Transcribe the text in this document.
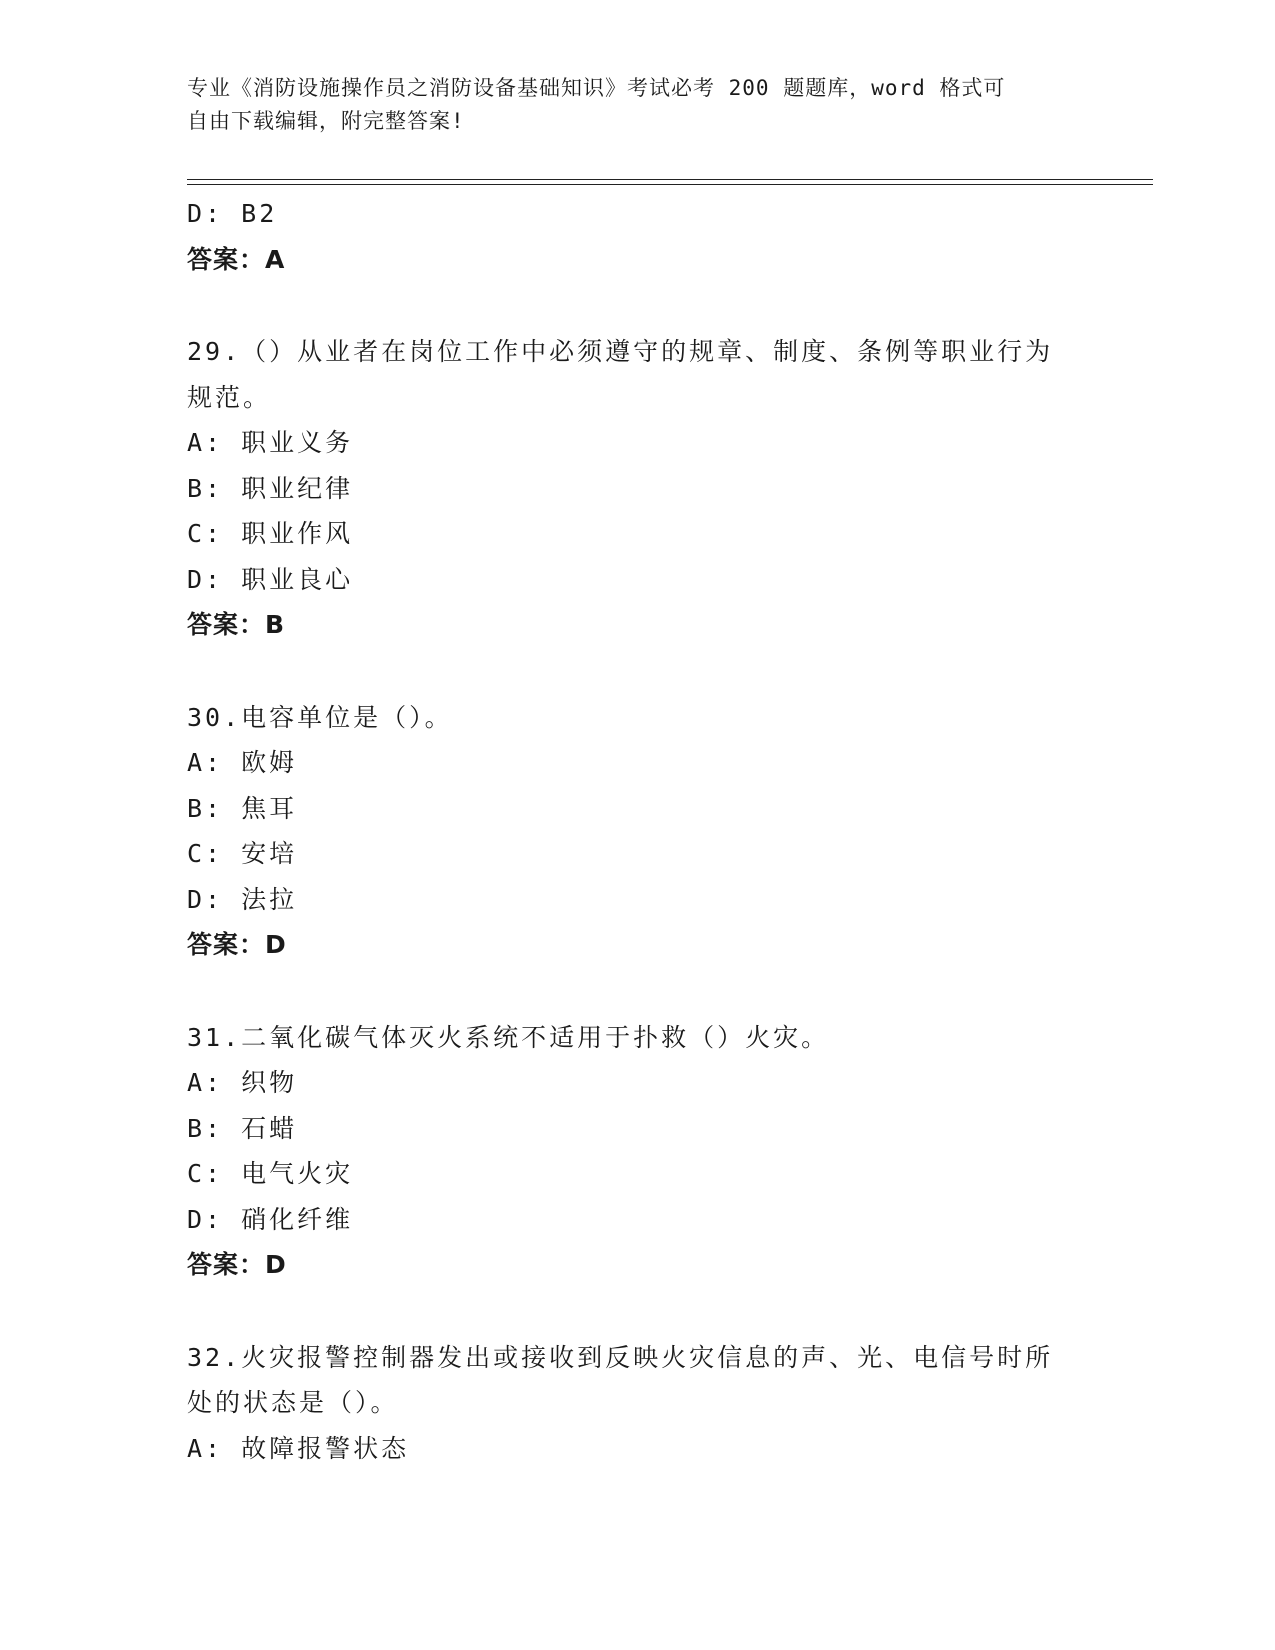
专业《消防设施操作员之消防设备基础知识》考试必考 200 题题库，word 格式可
自由下载编辑，附完整答案!
D: B2
答案：A
29.（）从业者在岗位工作中必须遵守的规章、制度、条例等职业行为
规范。
A: 职业义务
B: 职业纪律
C: 职业作风
D: 职业良心
答案：B
30.电容单位是（）。
A: 欧姆
B: 焦耳
C: 安培
D: 法拉
答案：D
31.二氧化碳气体灭火系统不适用于扑救（）火灾。
A: 织物
B: 石蜡
C: 电气火灾
D: 硝化纤维
答案：D
32.火灾报警控制器发出或接收到反映火灾信息的声、光、电信号时所
处的状态是（）。
A: 故障报警状态
